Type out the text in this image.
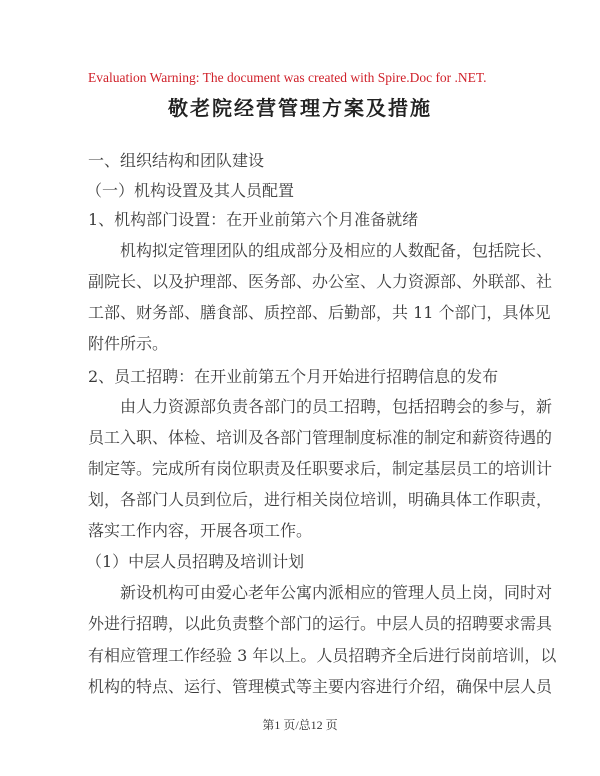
Evaluation Warning: The document was created with Spire.Doc for .NET.
敬老院经营管理方案及措施
一、组织结构和团队建设
（一）机构设置及其人员配置
1、机构部门设置：在开业前第六个月准备就绪
机构拟定管理团队的组成部分及相应的人数配备，包括院长、
副院长、以及护理部、医务部、办公室、人力资源部、外联部、社
工部、财务部、膳食部、质控部、后勤部，共 11 个部门，具体见
附件所示。
2、员工招聘：在开业前第五个月开始进行招聘信息的发布
由人力资源部负责各部门的员工招聘，包括招聘会的参与，新
员工入职、体检、培训及各部门管理制度标准的制定和薪资待遇的
制定等。完成所有岗位职责及任职要求后，制定基层员工的培训计
划，各部门人员到位后，进行相关岗位培训，明确具体工作职责，
落实工作内容，开展各项工作。
（1）中层人员招聘及培训计划
新设机构可由爱心老年公寓内派相应的管理人员上岗，同时对
外进行招聘，以此负责整个部门的运行。中层人员的招聘要求需具
有相应管理工作经验 3 年以上。人员招聘齐全后进行岗前培训，以
机构的特点、运行、管理模式等主要内容进行介绍，确保中层人员
第1 页/总12 页
